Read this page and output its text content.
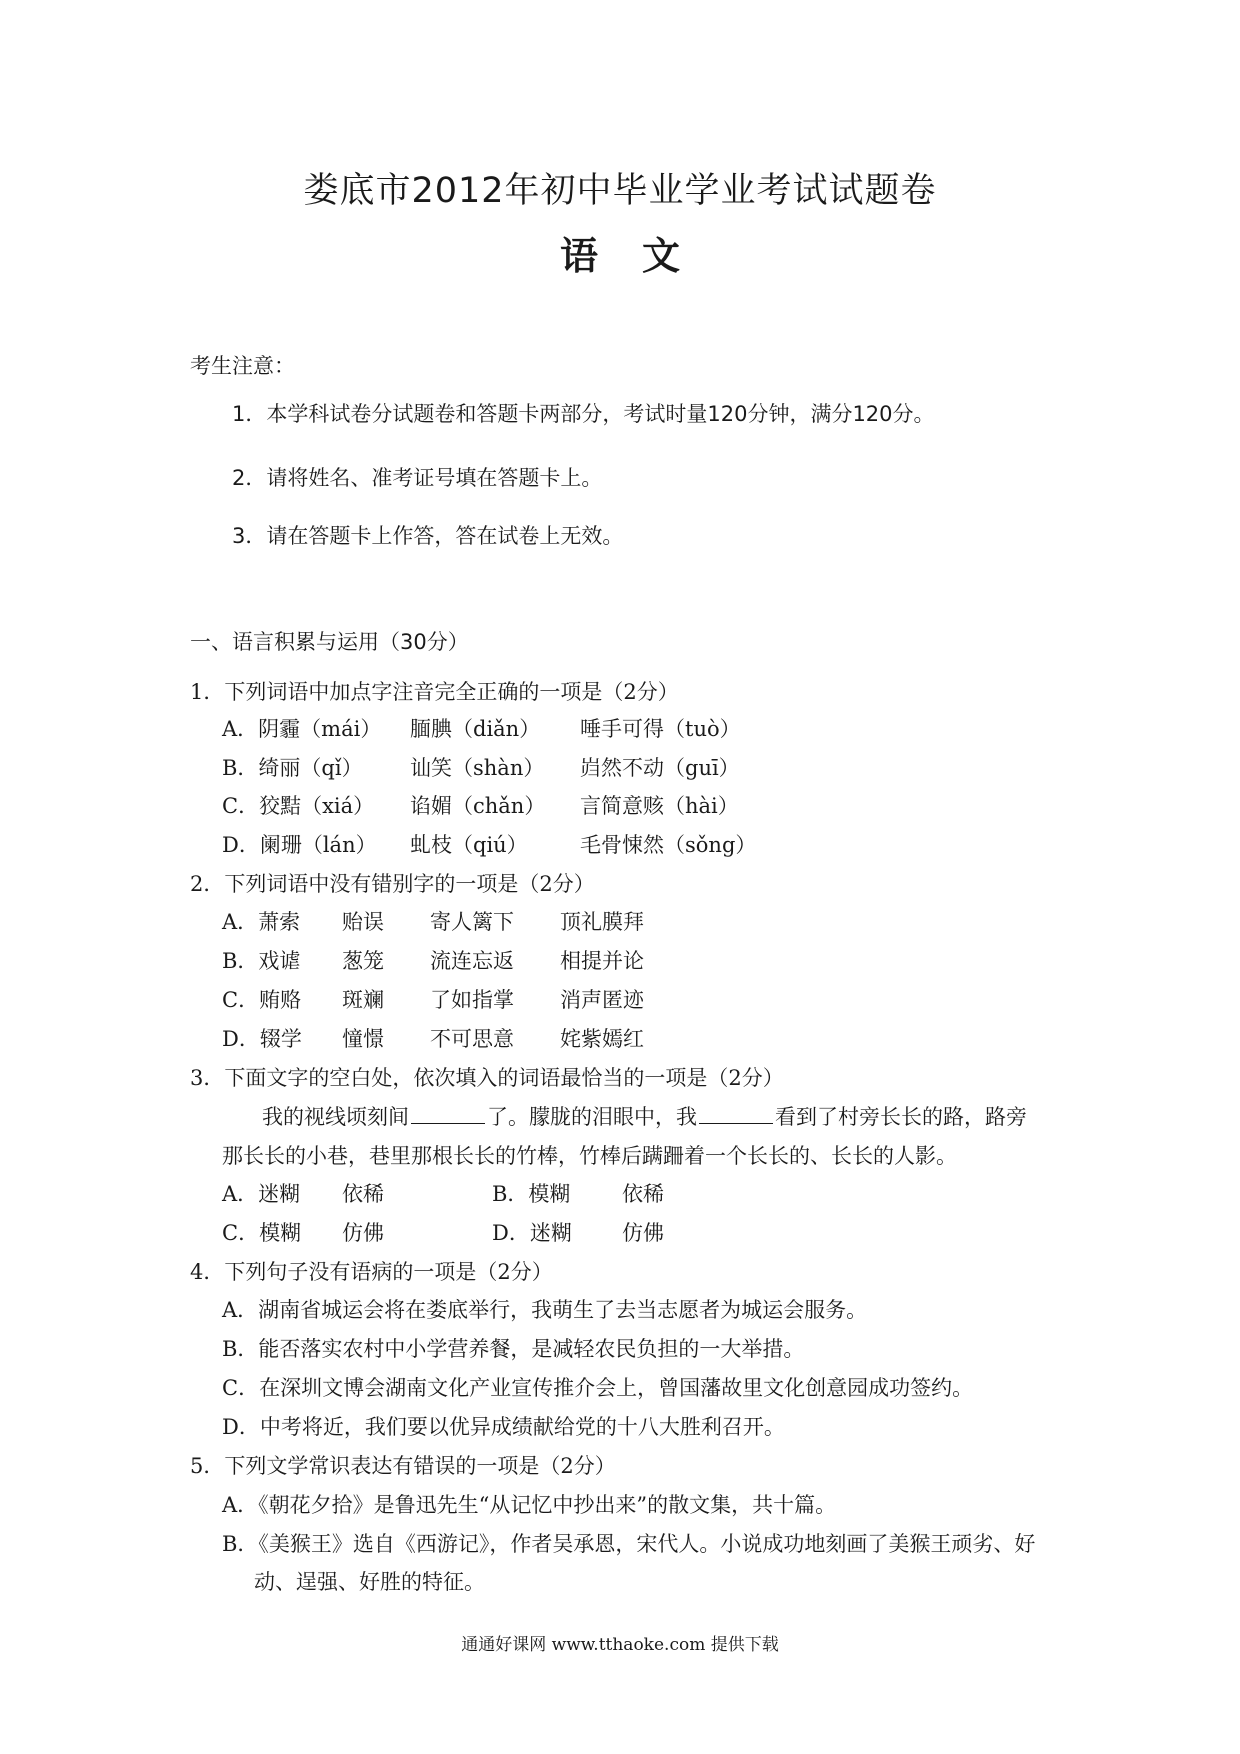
娄底市2012年初中毕业学业考试试题卷
语文
考生注意：
1．本学科试卷分试题卷和答题卡两部分，考试时量120分钟，满分120分。
2．请将姓名、准考证号填在答题卡上。
3．请在答题卡上作答，答在试卷上无效。
一、语言积累与运用（30分）
1．下列词语中加点字注音完全正确的一项是（2分）
A．阴霾（mái） 腼腆（diǎn） 唾手可得（tuò）
B．绮丽（qǐ） 讪笑（shàn） 岿然不动（guī）
C．狡黠（xiá） 谄媚（chǎn） 言简意赅（hài）
D．阑珊（lán） 虬枝（qiú） 毛骨悚然（sǒng）
2．下列词语中没有错别字的一项是（2分）
A．萧索 贻误 寄人篱下 顶礼膜拜
B．戏谑 葱笼 流连忘返 相提并论
C．贿赂 斑斓 了如指掌 消声匿迹
D．辍学 憧憬 不可思意 姹紫嫣红
3．下面文字的空白处，依次填入的词语最恰当的一项是（2分）
我的视线顷刻间	了。朦胧的泪眼中，我	看到了村旁长长的路，路旁
那长长的小巷，巷里那根长长的竹棒，竹棒后蹒跚着一个长长的、长长的人影。
A．迷糊 依稀	B．模糊 依稀
C．模糊 仿佛	D．迷糊 仿佛
4．下列句子没有语病的一项是（2分）
A．湖南省城运会将在娄底举行，我萌生了去当志愿者为城运会服务。
B．能否落实农村中小学营养餐，是减轻农民负担的一大举措。
C．在深圳文博会湖南文化产业宣传推介会上，曾国藩故里文化创意园成功签约。
D．中考将近，我们要以优异成绩献给党的十八大胜利召开。
5．下列文学常识表达有错误的一项是（2分）
A．《朝花夕拾》是鲁迅先生“从记忆中抄出来”的散文集，共十篇。
B．《美猴王》选自《西游记》，作者吴承恩，宋代人。小说成功地刻画了美猴王顽劣、好
动、逞强、好胜的特征。
通通好课网 www.tthaoke.com 提供下载
